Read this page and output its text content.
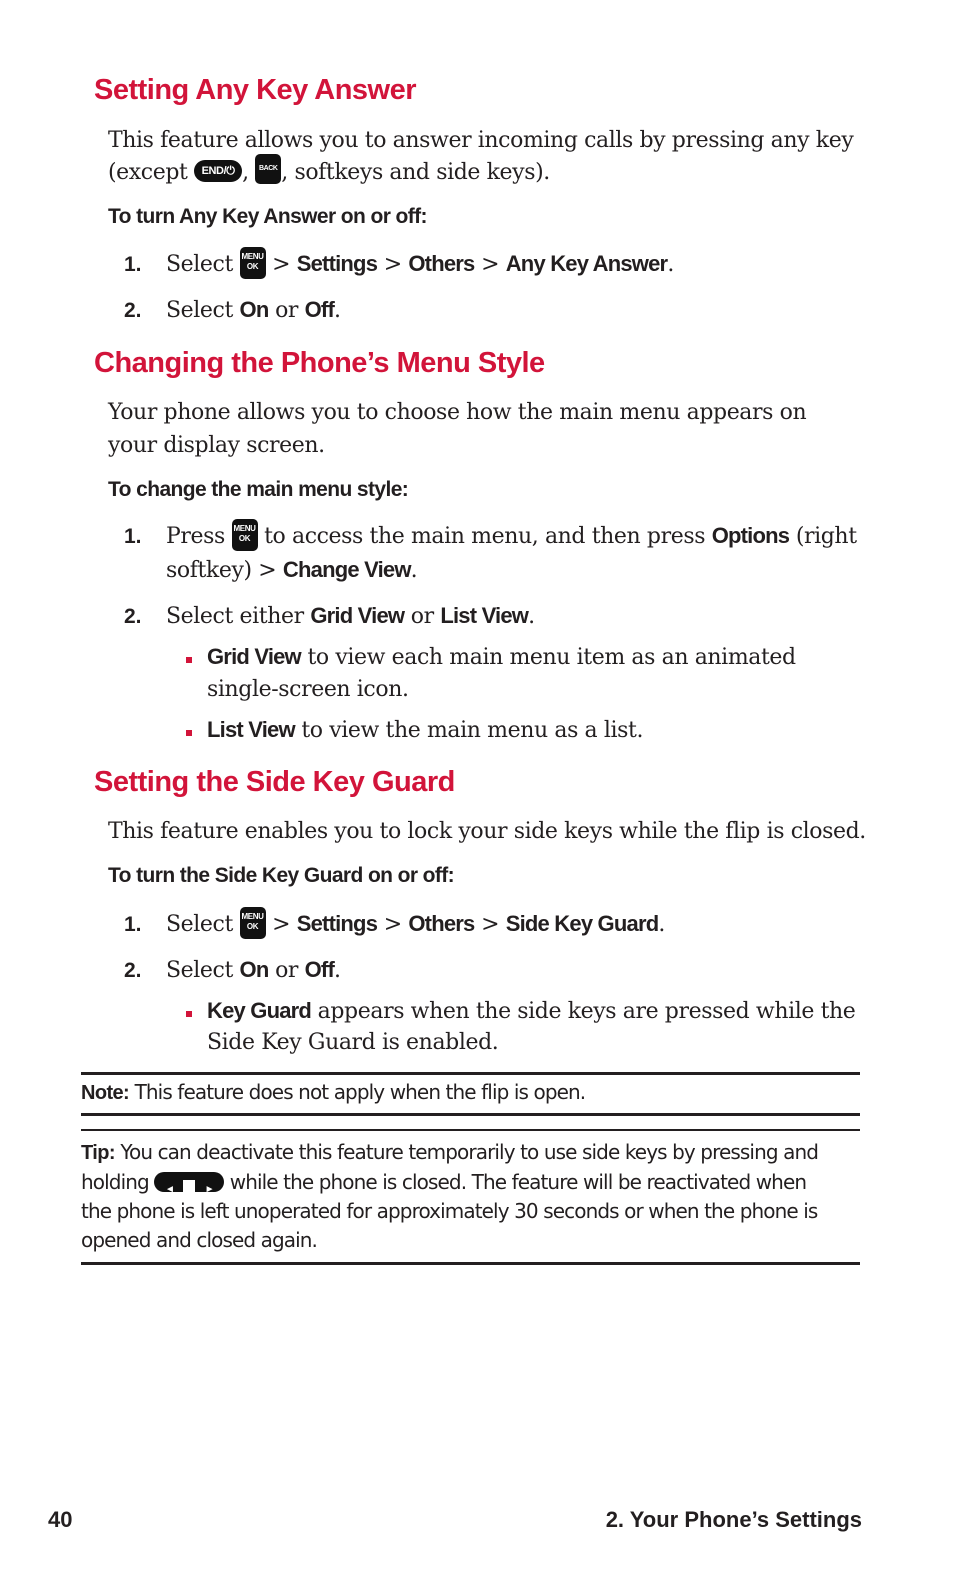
Setting Any Key Answer

This feature allows you to answer incoming calls by pressing any key

(except END/⏻ , BACK , softkeys and side keys).

To turn Any Key Answer on or off:

1. Select MENU
OK > Settings > Others > Any Key Answer.

2. Select On or Off.

Changing the Phone’s Menu Style

Your phone allows you to choose how the main menu appears on

your display screen.

To change the main menu style:

1. Press MENU
OK to access the main menu, and then press Options (right

softkey) > Change View.

2. Select either Grid View or List View.

Grid View to view each main menu item as an animated

single-screen icon.

List View to view the main menu as a list.

Setting the Side Key Guard

This feature enables you to lock your side keys while the flip is closed.

To turn the Side Key Guard on or off:

1. Select MENU
OK > Settings > Others > Side Key Guard.

2. Select On or Off.

Key Guard appears when the side keys are pressed while the

Side Key Guard is enabled.

Note: This feature does not apply when the flip is open.

Tip: You can deactivate this feature temporarily to use side keys by pressing and

holding ◄	► while the phone is closed. The feature will be reactivated when

the phone is left unoperated for approximately 30 seconds or when the phone is

opened and closed again.

40	2. Your Phone’s Settings
